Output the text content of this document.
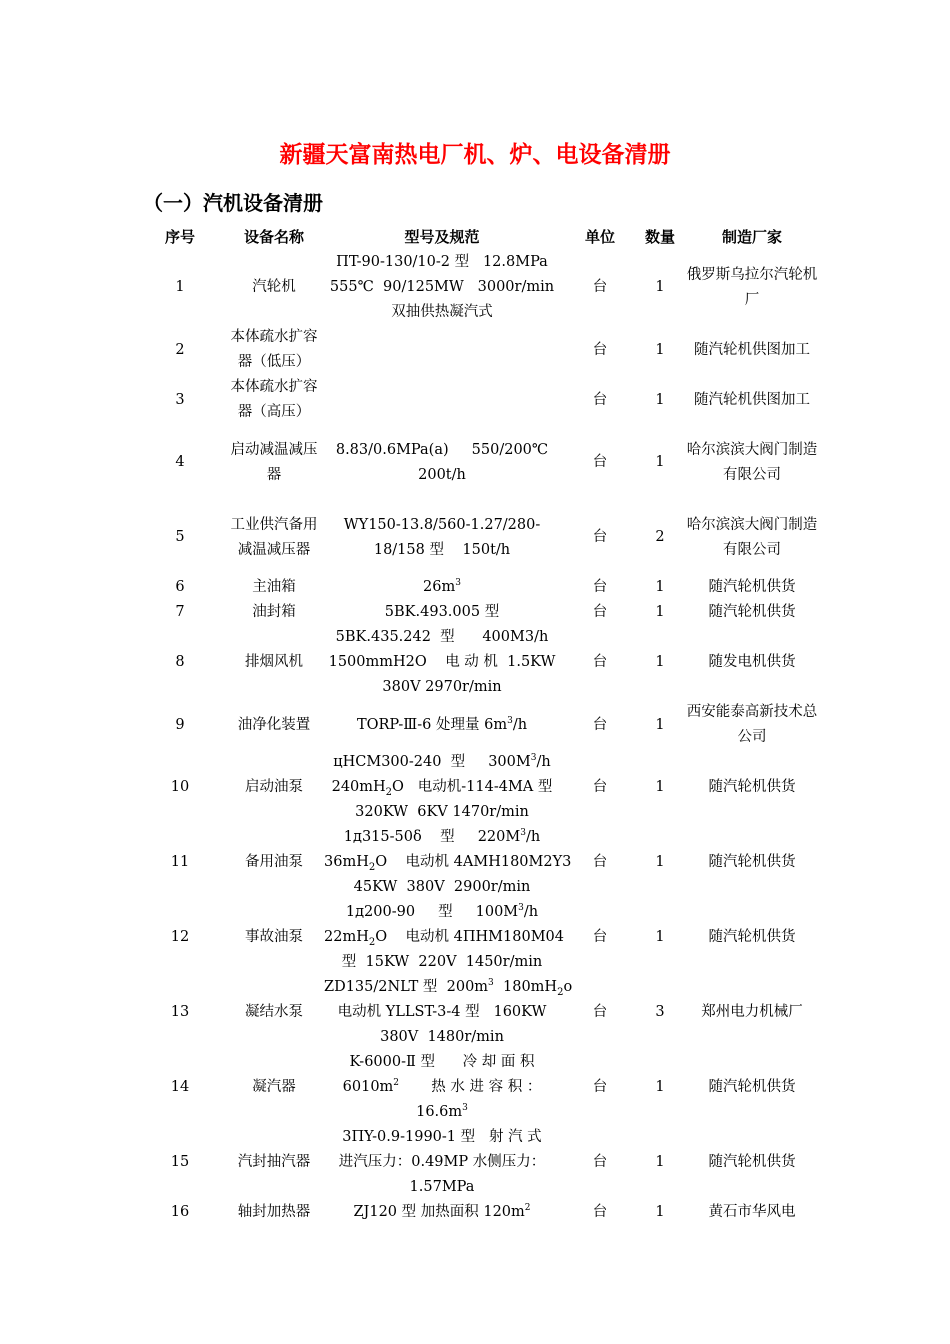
新疆天富南热电厂机、炉、电设备清册
（一）汽机设备清册
序号	设备名称	型号及规范	单位	数量	制造厂家
1	汽轮机	ΠT-90-130/10-2 型   12.8MPa
555℃  90/125MW   3000r/min
双抽供热凝汽式	台	1	俄罗斯乌拉尔汽轮机厂
2	本体疏水扩容器（低压）		台	1	随汽轮机供图加工
3	本体疏水扩容器（高压）		台	1	随汽轮机供图加工
4	启动减温减压器	8.83/0.6MPa(a)     550/200℃
200t/h	台	1	哈尔滨滨大阀门制造有限公司
5	工业供汽备用减温减压器	WY150-13.8/560-1.27/280-
18/158 型    150t/h	台	2	哈尔滨滨大阀门制造有限公司
6	主油箱	$26m^3$	台	1	随汽轮机供货
7	油封箱	5BK.493.005 型	台	1	随汽轮机供货
8	排烟风机	5BK.435.242  型      400M3/h
1500mmH2O    电 动 机  1.5KW
380V 2970r/min	台	1	随发电机供货
9	油净化装置	TORP-Ⅲ-6 处理量 $6m^3/h$	台	1	西安能泰高新技术总公司
10	启动油泵	цHCM300-240  型     $300M^3/h$
$240mH_2O$   电动机-114-4MA 型
320KW  6KV 1470r/min	台	1	随汽轮机供货
11	备用油泵	1д315-50δ    型     $220M^3/h$
$36mH_2O$    电动机 4AMH180M2Y3
45KW  380V  2900r/min	台	1	随汽轮机供货
12	事故油泵	1д200-90     型     $100M^3/h$
$22mH_2O$    电动机 4ΠHM180M04
型  15KW  220V  1450r/min	台	1	随汽轮机供货
13	凝结水泵	ZD135/2NLT 型  $200m^3$  $180mH_2o$
电动机 YLLST-3-4 型   160KW
380V  1480r/min	台	3	郑州电力机械厂
14	凝汽器	K-6000-Ⅱ 型      冷 却 面 积
$6010m^2$       热 水 进 容 积 ：
$16.6m^3$	台	1	随汽轮机供货
15	汽封抽汽器	3ΠY-0.9-1990-1 型   射 汽 式
进汽压力：0.49MP 水侧压力：
1.57MPa	台	1	随汽轮机供货
16	轴封加热器	ZJ120 型 加热面积 $120m^2$	台	1	黄石市华风电
